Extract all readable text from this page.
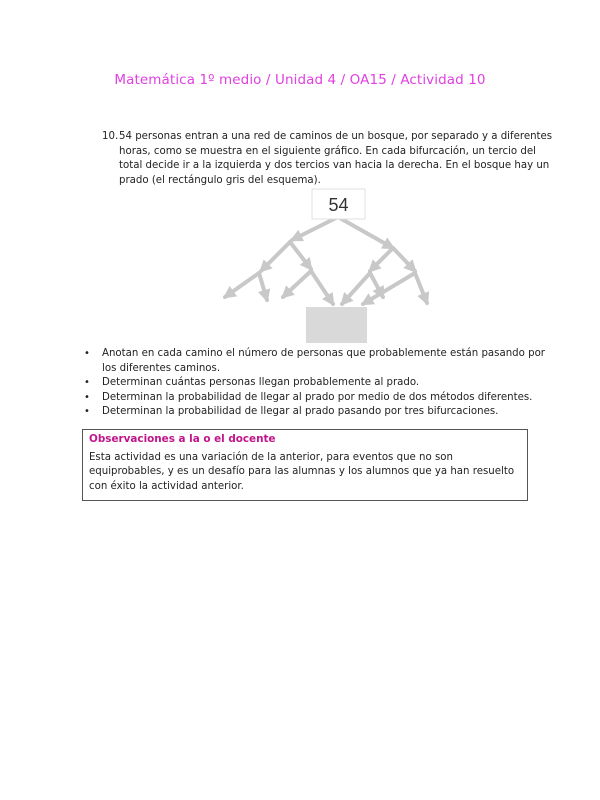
Matemática 1º medio / Unidad 4 / OA15 / Actividad 10
10. 54 personas entran a una red de caminos de un bosque, por separado y a diferentes horas, como se muestra en el siguiente gráfico. En cada bifurcación, un tercio del total decide ir a la izquierda y dos tercios van hacia la derecha. En el bosque hay un prado (el rectángulo gris del esquema).
54
• Anotan en cada camino el número de personas que probablemente están pasando por los diferentes caminos.
• Determinan cuántas personas llegan probablemente al prado.
• Determinan la probabilidad de llegar al prado por medio de dos métodos diferentes.
• Determinan la probabilidad de llegar al prado pasando por tres bifurcaciones.
Observaciones a la o el docente
Esta actividad es una variación de la anterior, para eventos que no son equiprobables, y es un desafío para las alumnas y los alumnos que ya han resuelto con éxito la actividad anterior.
